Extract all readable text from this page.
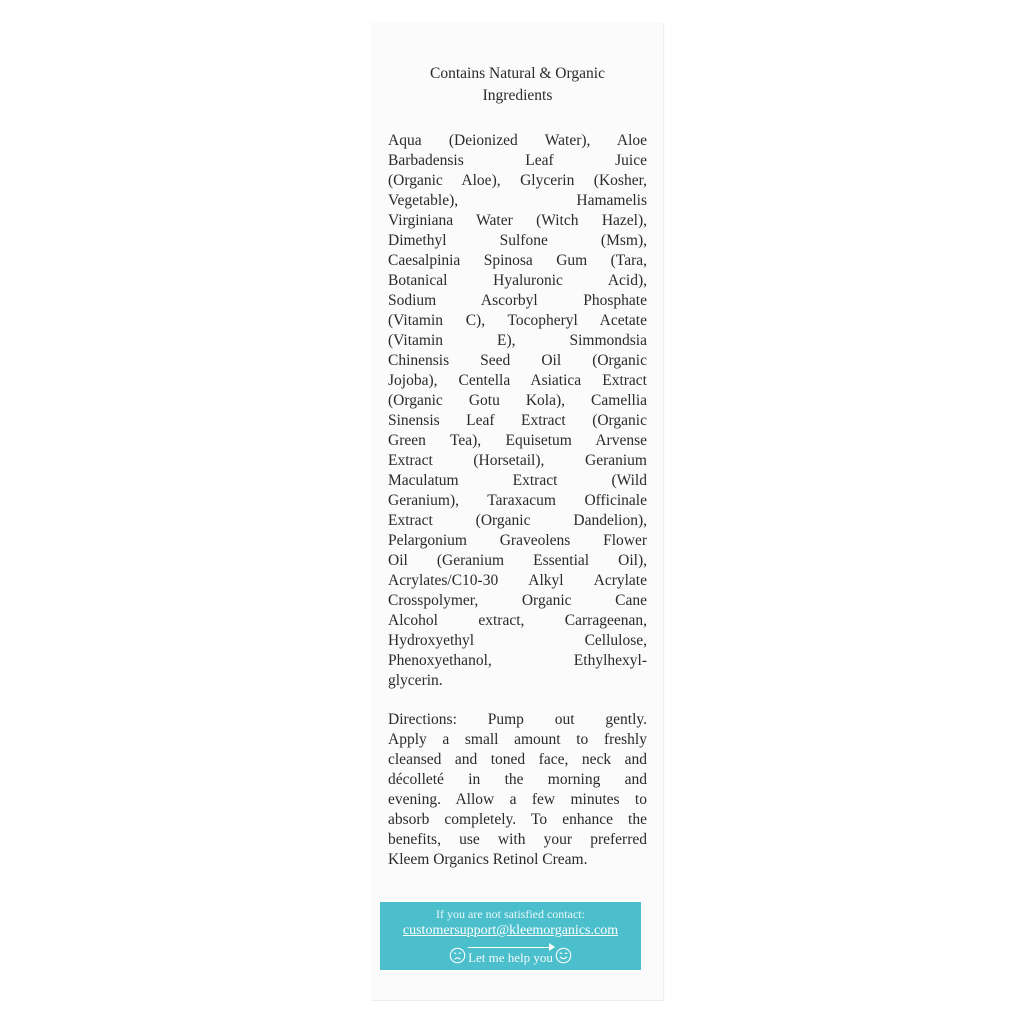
Contains Natural & Organic
Ingredients
Aqua (Deionized Water), Aloe
Barbadensis Leaf Juice
(Organic Aloe), Glycerin (Kosher,
Vegetable), Hamamelis
Virginiana Water (Witch Hazel),
Dimethyl Sulfone (Msm),
Caesalpinia Spinosa Gum (Tara,
Botanical Hyaluronic Acid),
Sodium Ascorbyl Phosphate
(Vitamin C), Tocopheryl Acetate
(Vitamin E), Simmondsia
Chinensis Seed Oil (Organic
Jojoba), Centella Asiatica Extract
(Organic Gotu Kola), Camellia
Sinensis Leaf Extract (Organic
Green Tea), Equisetum Arvense
Extract (Horsetail), Geranium
Maculatum Extract (Wild
Geranium), Taraxacum Officinale
Extract (Organic Dandelion),
Pelargonium Graveolens Flower
Oil (Geranium Essential Oil),
Acrylates/C10-30 Alkyl Acrylate
Crosspolymer, Organic Cane
Alcohol extract, Carrageenan,
Hydroxyethyl Cellulose,
Phenoxyethanol, Ethylhexyl-
glycerin.
Directions: Pump out gently.
Apply a small amount to freshly
cleansed and toned face, neck and
décolleté in the morning and
evening. Allow a few minutes to
absorb completely. To enhance the
benefits, use with your preferred
Kleem Organics Retinol Cream.
If you are not satisfied contact:
customersupport@kleemorganics.com
Let me help you
